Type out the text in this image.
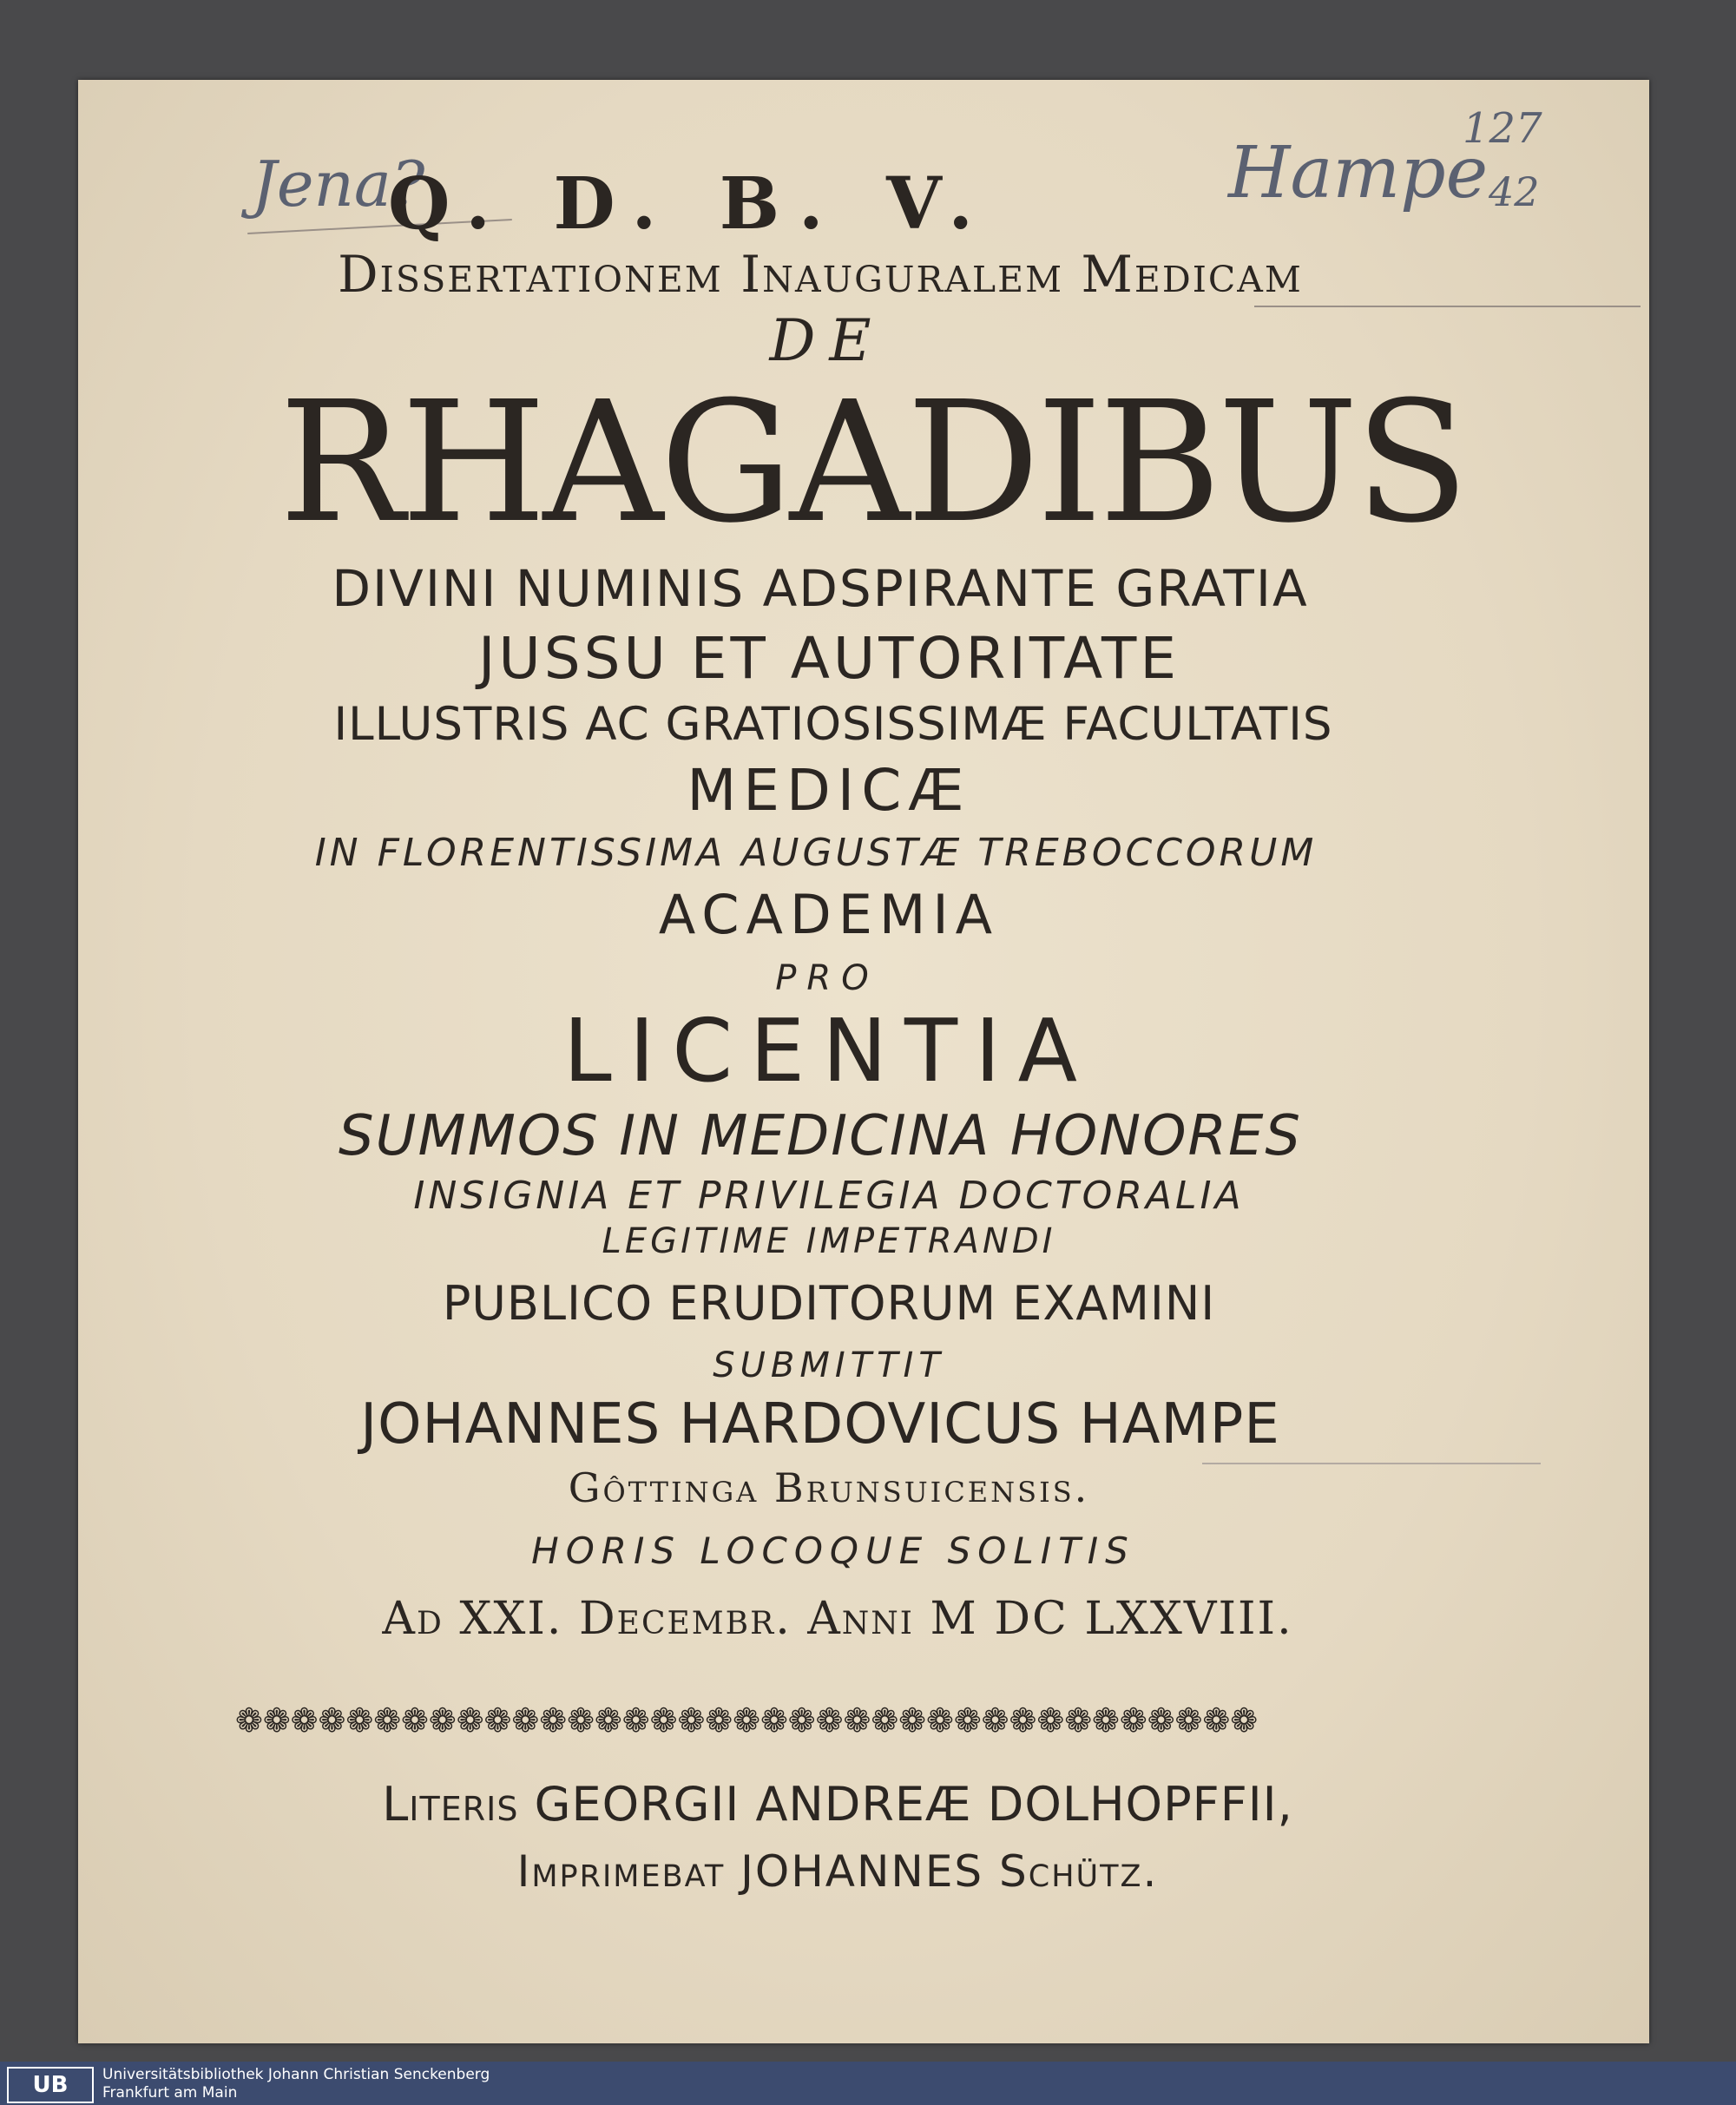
Jena?	Hampe
127
42
Q. D. B. V.
Dissertationem Inauguralem Medicam
DE
RHAGADIBUS
DIVINI NUMINIS ADSPIRANTE GRATIA
JUSSU ET AUTORITATE
ILLUSTRIS AC GRATIOSISSIMÆ FACULTATIS
MEDICÆ
IN FLORENTISSIMA AUGUSTÆ TREBOCCORUM
ACADEMIA
PRO
LICENTIA
SUMMOS IN MEDICINA HONORES
INSIGNIA ET PRIVILEGIA DOCTORALIA
LEGITIME IMPETRANDI
PUBLICO ERUDITORUM EXAMINI
SUBMITTIT
JOHANNES HARDOVICUS HAMPE
Gôttinga Brunsuicensis.
HORIS LOCOQUE SOLITIS
Ad XXI. Decembr. Anni M DC LXXVIII.
❁❁❁❁❁❁❁❁❁❁❁❁❁❁❁❁❁❁❁❁❁❁❁❁❁❁❁❁❁❁❁❁❁❁❁❁❁
Literis GEORGII ANDREÆ DOLHOPFFII,
Imprimebat JOHANNES Schütz.
UB	Universitätsbibliothek Johann Christian Senckenberg
Frankfurt am Main
